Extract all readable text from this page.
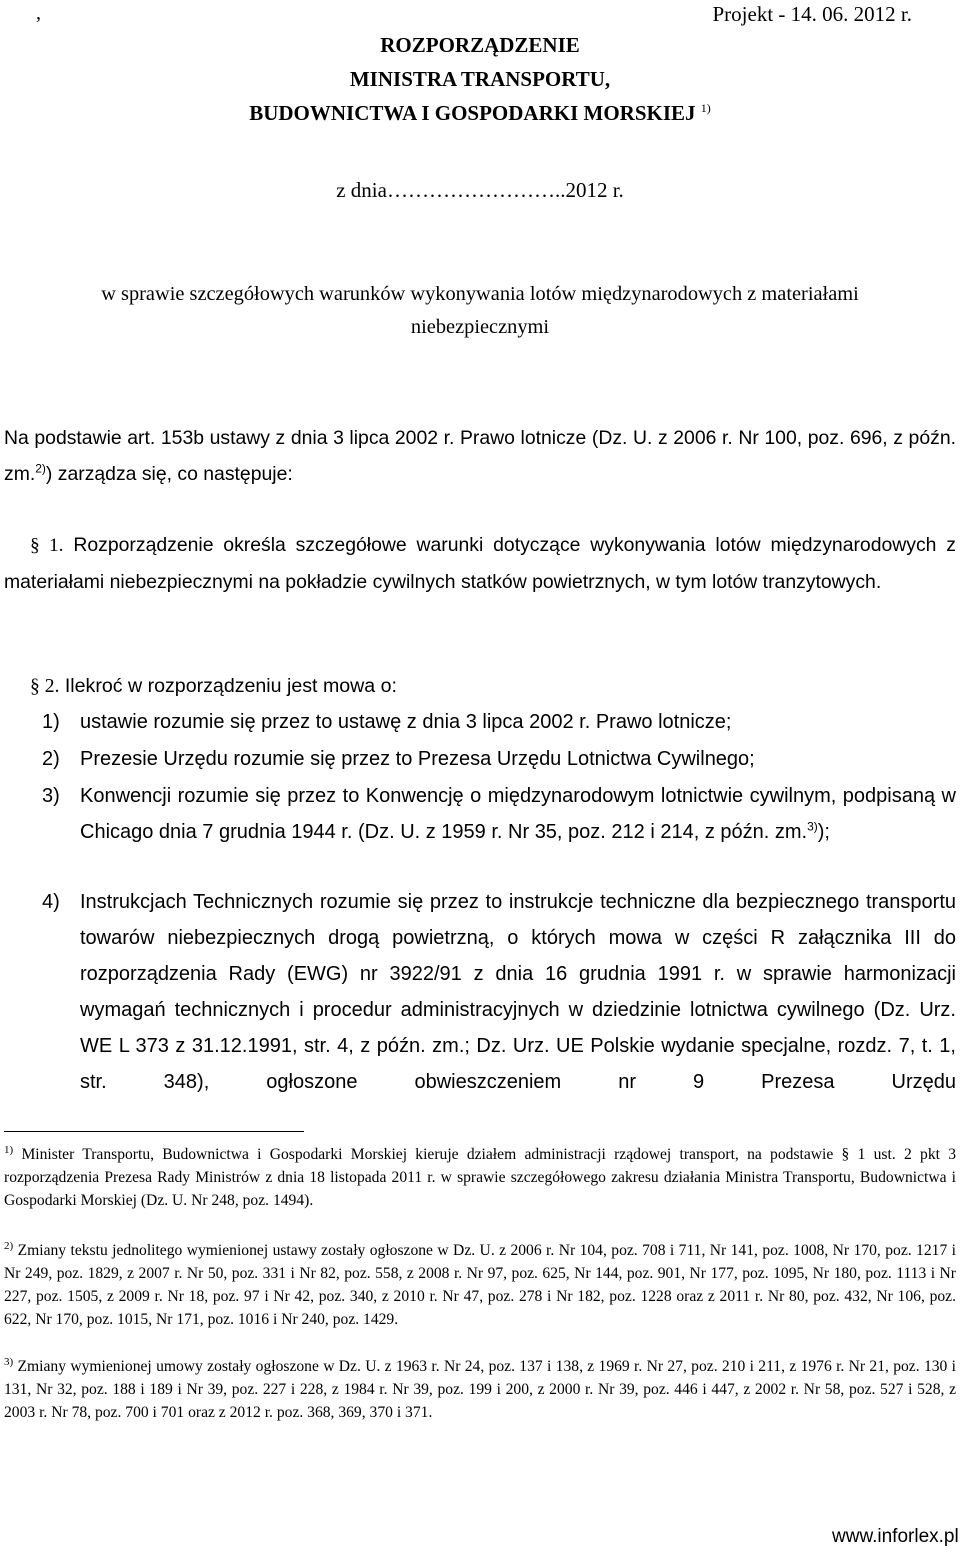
,	Projekt - 14. 06. 2012 r.
ROZPORZĄDZENIE
MINISTRA TRANSPORTU,
BUDOWNICTWA I GOSPODARKI MORSKIEJ $^{1)}$
z dnia……………………..2012 r.
w sprawie szczegółowych warunków wykonywania lotów międzynarodowych z materiałami
niebezpiecznymi
Na podstawie art. 153b ustawy z dnia 3 lipca 2002 r. Prawo lotnicze (Dz. U. z 2006 r. Nr 100, poz. 696, z późn. zm.$^{2)}$) zarządza się, co następuje:
§ 1. Rozporządzenie określa szczegółowe warunki dotyczące wykonywania lotów międzynarodowych z materiałami niebezpiecznymi na pokładzie cywilnych statków powietrznych, w tym lotów tranzytowych.
§ 2. Ilekroć w rozporządzeniu jest mowa o:
1) ustawie rozumie się przez to ustawę z dnia 3 lipca 2002 r. Prawo lotnicze;
2) Prezesie Urzędu rozumie się przez to Prezesa Urzędu Lotnictwa Cywilnego;
3) Konwencji rozumie się przez to Konwencję o międzynarodowym lotnictwie cywilnym, podpisaną w Chicago dnia 7 grudnia 1944 r. (Dz. U. z 1959 r. Nr 35, poz. 212 i 214, z późn. zm.$^{3)}$);
4) Instrukcjach Technicznych rozumie się przez to instrukcje techniczne dla bezpiecznego transportu towarów niebezpiecznych drogą powietrzną, o których mowa w części R załącznika III do rozporządzenia Rady (EWG) nr 3922/91 z dnia 16 grudnia 1991 r. w sprawie harmonizacji wymagań technicznych i procedur administracyjnych w dziedzinie lotnictwa cywilnego (Dz. Urz. WE L 373 z 31.12.1991, str. 4, z późn. zm.; Dz. Urz. UE Polskie wydanie specjalne, rozdz. 7, t. 1, str. 348), ogłoszone obwieszczeniem nr 9 Prezesa Urzędu
$^{1)}$ Minister Transportu, Budownictwa i Gospodarki Morskiej kieruje działem administracji rządowej transport, na podstawie § 1 ust. 2 pkt 3 rozporządzenia Prezesa Rady Ministrów z dnia 18 listopada 2011 r. w sprawie szczegółowego zakresu działania Ministra Transportu, Budownictwa i Gospodarki Morskiej (Dz. U. Nr 248, poz. 1494).
$^{2)}$ Zmiany tekstu jednolitego wymienionej ustawy zostały ogłoszone w Dz. U. z 2006 r. Nr 104, poz. 708 i 711, Nr 141, poz. 1008, Nr 170, poz. 1217 i Nr 249, poz. 1829, z 2007 r. Nr 50, poz. 331 i Nr 82, poz. 558, z 2008 r. Nr 97, poz. 625, Nr 144, poz. 901, Nr 177, poz. 1095, Nr 180, poz. 1113 i Nr 227, poz. 1505, z 2009 r. Nr 18, poz. 97 i Nr 42, poz. 340, z 2010 r. Nr 47, poz. 278 i Nr 182, poz. 1228 oraz z 2011 r. Nr 80, poz. 432, Nr 106, poz. 622, Nr 170, poz. 1015, Nr 171, poz. 1016 i Nr 240, poz. 1429.
$^{3)}$ Zmiany wymienionej umowy zostały ogłoszone w Dz. U. z 1963 r. Nr 24, poz. 137 i 138, z 1969 r. Nr 27, poz. 210 i 211, z 1976 r. Nr 21, poz. 130 i 131, Nr 32, poz. 188 i 189 i Nr 39, poz. 227 i 228, z 1984 r. Nr 39, poz. 199 i 200, z 2000 r. Nr 39, poz. 446 i 447, z 2002 r. Nr 58, poz. 527 i 528, z 2003 r. Nr 78, poz. 700 i 701 oraz z 2012 r. poz. 368, 369, 370 i 371.
www.inforlex.pl
